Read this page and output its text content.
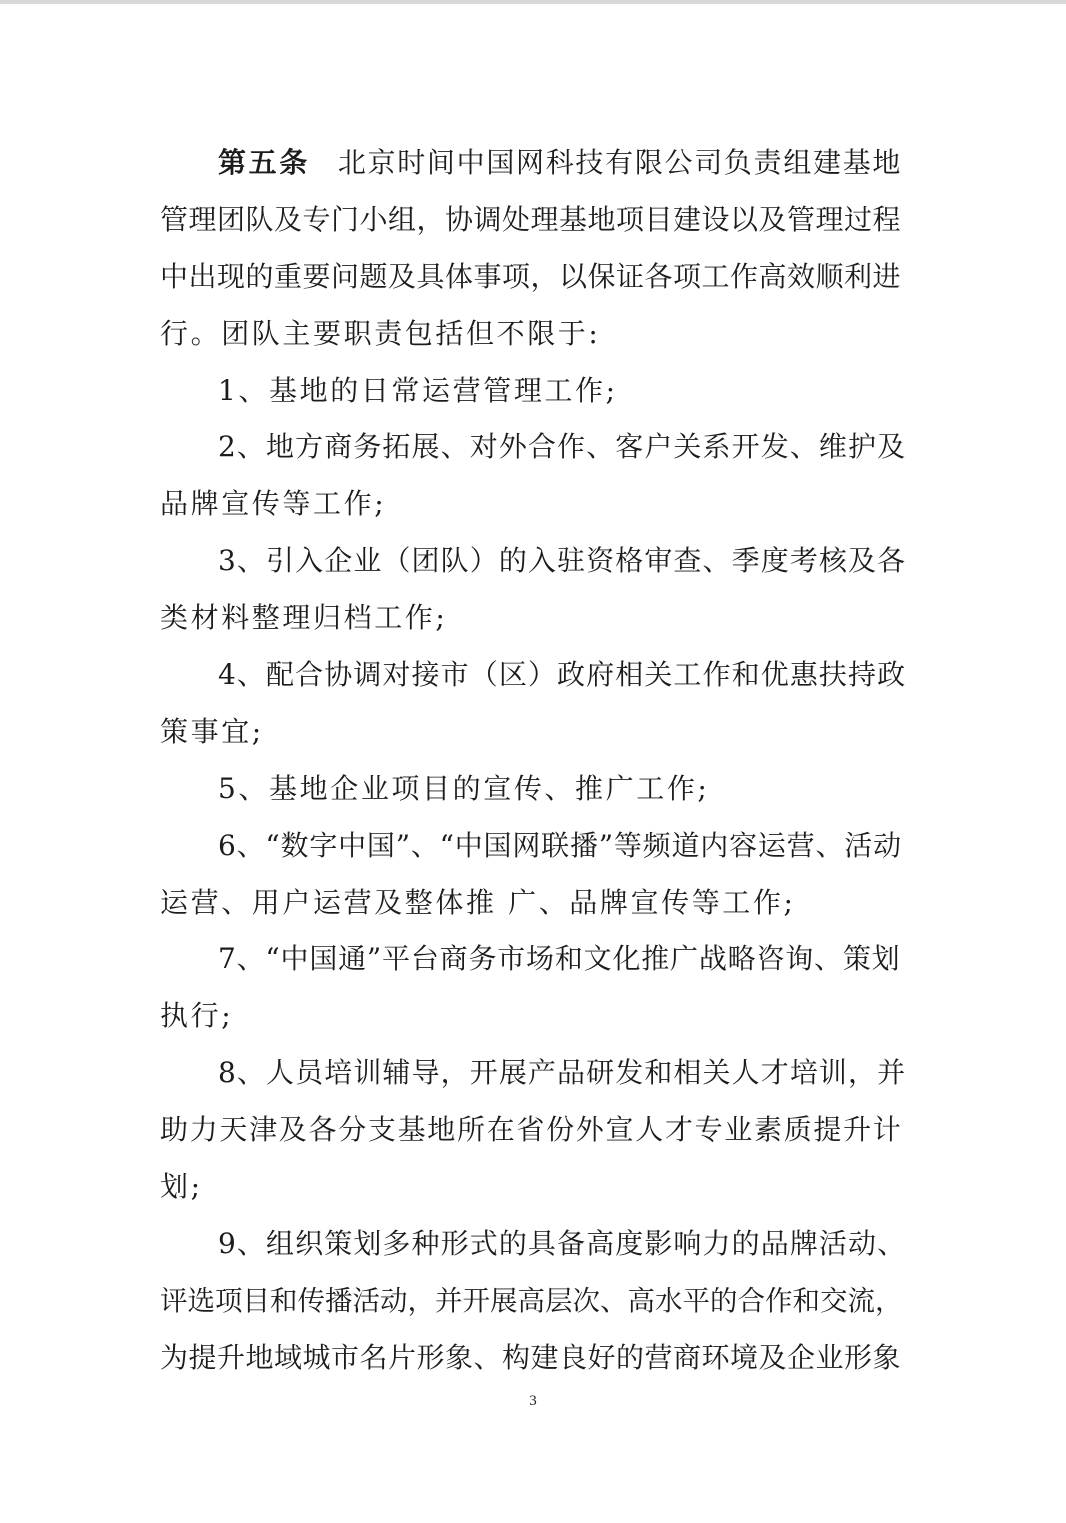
第五条 北京时间中国网科技有限公司负责组建基地
管理团队及专门小组，协调处理基地项目建设以及管理过程
中出现的重要问题及具体事项，以保证各项工作高效顺利进
行。团队主要职责包括但不限于:
1、基地的日常运营管理工作;
2、地方商务拓展、对外合作、客户关系开发、维护及
品牌宣传等工作;
3、引入企业（团队）的入驻资格审查、季度考核及各
类材料整理归档工作;
4、配合协调对接市（区）政府相关工作和优惠扶持政
策事宜;
5、基地企业项目的宣传、推广工作;
6、“数字中国”、“中国网联播”等频道内容运营、活动
运营、用户运营及整体推 广、品牌宣传等工作;
7、“中国通”平台商务市场和文化推广战略咨询、策划
执行;
8、人员培训辅导，开展产品研发和相关人才培训，并
助力天津及各分支基地所在省份外宣人才专业素质提升计
划;
9、组织策划多种形式的具备高度影响力的品牌活动、
评选项目和传播活动，并开展高层次、高水平的合作和交流，
为提升地域城市名片形象、构建良好的营商环境及企业形象
3
